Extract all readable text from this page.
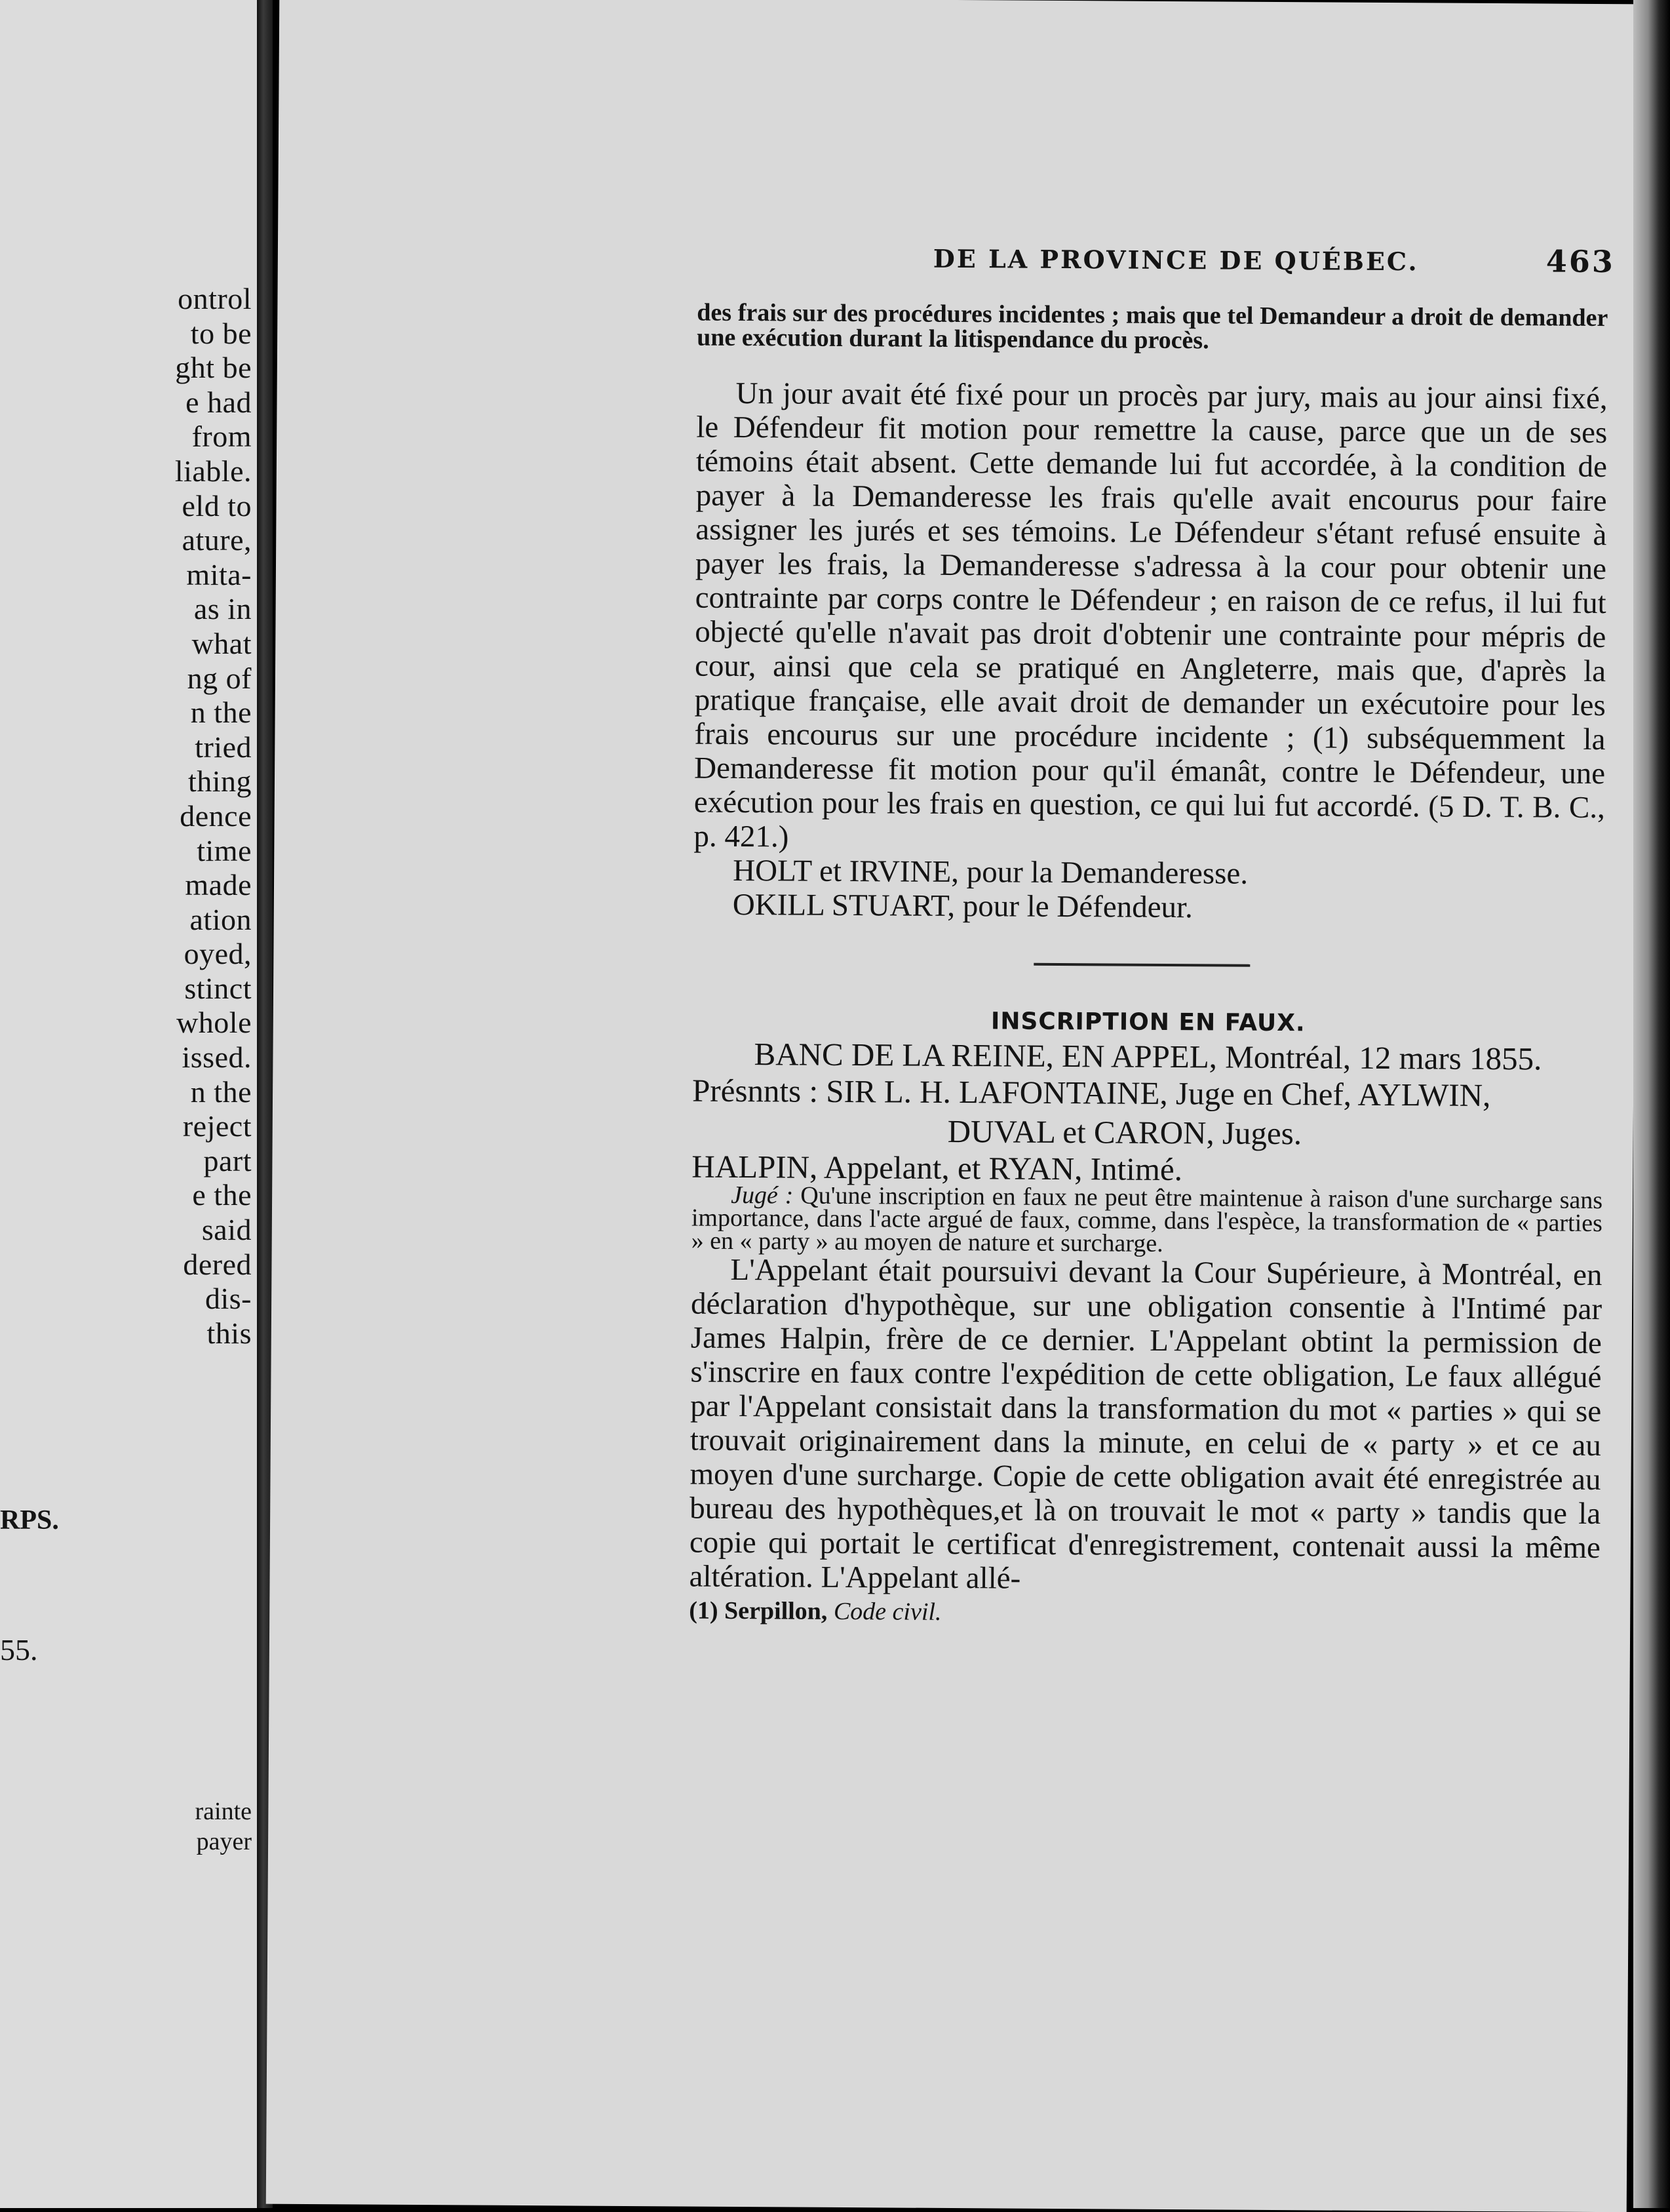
ontrol
to be
ght be
e had
from
liable.
eld to
ature,
mita-
as in
what
ng of
n the
tried
thing
dence
time
made
ation
oyed,
stinct
whole
issed.
n the
reject
part
e the
said
dered
dis-
this
RPS.
55.
rainte
payer
DE LA PROVINCE DE QUÉBEC.	463

des frais sur des procédures incidentes ; mais que tel Demandeur a droit de demander une exécution durant la litispendance du procès.

Un jour avait été fixé pour un procès par jury, mais au jour ainsi fixé, le Défendeur fit motion pour remettre la cause, parce que un de ses témoins était absent. Cette demande lui fut accordée, à la condition de payer à la Demanderesse les frais qu'elle avait encourus pour faire assigner les jurés et ses témoins. Le Défendeur s'étant refusé ensuite à payer les frais, la Demanderesse s'adressa à la cour pour obtenir une contrainte par corps contre le Défendeur ; en raison de ce refus, il lui fut objecté qu'elle n'avait pas droit d'obtenir une contrainte pour mépris de cour, ainsi que cela se pratiqué en Angleterre, mais que, d'après la pratique française, elle avait droit de demander un exécutoire pour les frais encourus sur une procédure incidente ; (1) subséquemment la Demanderesse fit motion pour qu'il émanât, contre le Défendeur, une exécution pour les frais en question, ce qui lui fut accordé. (5 D. T. B. C., p. 421.)

HOLT et IRVINE, pour la Demanderesse.

OKILL STUART, pour le Défendeur.

INSCRIPTION EN FAUX.

BANC DE LA REINE, EN APPEL, Montréal, 12 mars 1855.

Présnnts : SIR L. H. LAFONTAINE, Juge en Chef, AYLWIN,
DUVAL et CARON, Juges.

HALPIN, Appelant, et RYAN, Intimé.

Jugé : Qu'une inscription en faux ne peut être maintenue à raison d'une surcharge sans importance, dans l'acte argué de faux, comme, dans l'espèce, la transformation de « parties » en « party » au moyen de nature et surcharge.

L'Appelant était poursuivi devant la Cour Supérieure, à Montréal, en déclaration d'hypothèque, sur une obligation consentie à l'Intimé par James Halpin, frère de ce dernier. L'Appelant obtint la permission de s'inscrire en faux contre l'expédition de cette obligation, Le faux allégué par l'Appelant consistait dans la transformation du mot « parties » qui se trouvait originairement dans la minute, en celui de « party » et ce au moyen d'une surcharge. Copie de cette obligation avait été enregistrée au bureau des hypothèques,et là on trouvait le mot « party » tandis que la copie qui portait le certificat d'enregistrement, contenait aussi la même altération. L'Appelant allé-

(1) Serpillon, Code civil.
